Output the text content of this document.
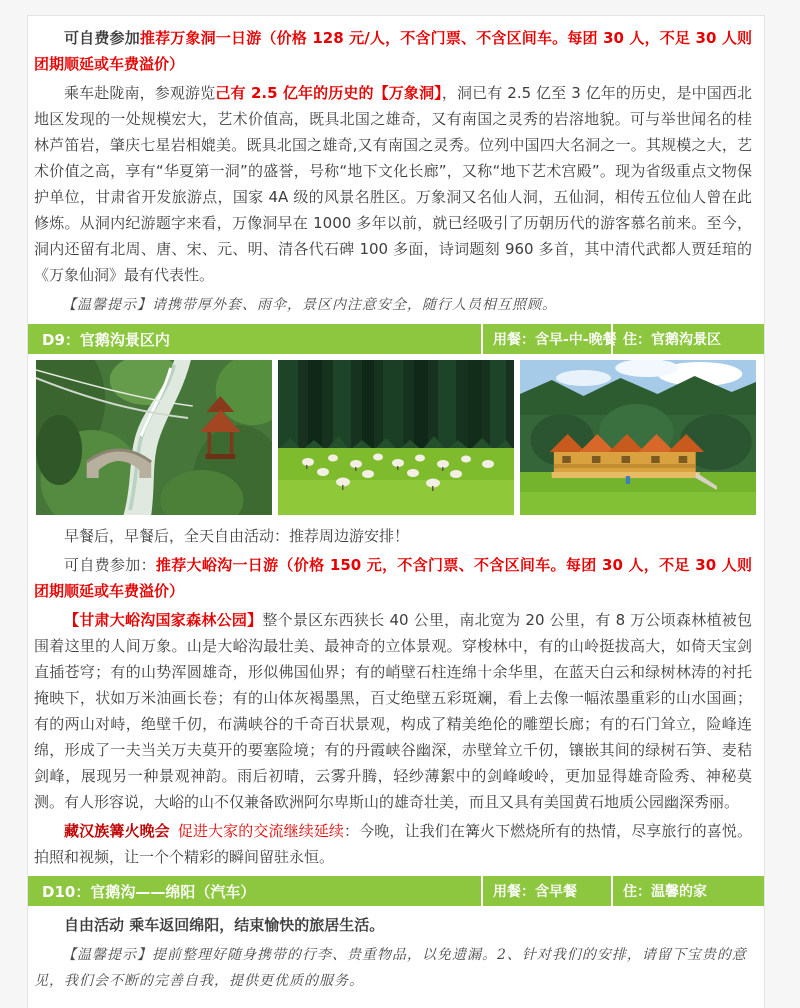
可自费参加推荐万象洞一日游（价格 128 元/人，不含门票、不含区间车。每团 30 人，不足 30 人则团期顺延或车费溢价）

乘车赴陇南，参观游览己有 2.5 亿年的历史的【万象洞】，洞已有 2.5 亿至 3 亿年的历史，是中国西北地区发现的一处规模宏大，艺术价值高，既具北国之雄奇，又有南国之灵秀的岩溶地貌。可与举世闻名的桂林芦笛岩，肇庆七星岩相媲美。既具北国之雄奇,又有南国之灵秀。位列中国四大名洞之一。其规模之大，艺术价值之高，享有“华夏第一洞”的盛誉，号称“地下文化长廊”，又称“地下艺术宫殿”。现为省级重点文物保护单位，甘肃省开发旅游点，国家 4A 级的风景名胜区。万象洞又名仙人洞，五仙洞，相传五位仙人曾在此修炼。从洞内纪游题字来看，万像洞早在 1000 多年以前，就已经吸引了历朝历代的游客慕名前来。至今，洞内还留有北周、唐、宋、元、明、清各代石碑 100 多面，诗词题刻 960 多首，其中清代武都人贾廷琯的《万象仙洞》最有代表性。

【温馨提示】请携带厚外套、雨伞，景区内注意安全，随行人员相互照顾。

D9：官鹅沟景区内	用餐：含早-中-晚餐 住：官鹅沟景区

早餐后，早餐后，全天自由活动：推荐周边游安排！

可自费参加：推荐大峪沟一日游（价格 150 元，不含门票、不含区间车。每团 30 人，不足 30 人则团期顺延或车费溢价）

【甘肃大峪沟国家森林公园】整个景区东西狭长 40 公里，南北宽为 20 公里，有 8 万公顷森林植被包围着这里的人间万象。山是大峪沟最壮美、最神奇的立体景观。穿梭林中，有的山岭挺拔高大，如倚天宝剑直插苍穹；有的山势浑圆雄奇，形似佛国仙界；有的峭壁石柱连绵十余华里，在蓝天白云和绿树林涛的衬托掩映下，状如万米油画长卷；有的山体灰褐墨黑，百丈绝壁五彩斑斓，看上去像一幅浓墨重彩的山水国画；有的两山对峙，绝壁千仞，布满峡谷的千奇百状景观，构成了精美绝伦的雕塑长廊；有的石门耸立，险峰连绵，形成了一夫当关万夫莫开的要塞险境；有的丹霞峡谷幽深，赤壁耸立千仞，镶嵌其间的绿树石笋、麦秸剑峰，展现另一种景观神韵。雨后初晴，云雾升腾，轻纱薄絮中的剑峰峻岭，更加显得雄奇险秀、神秘莫测。有人形容说，大峪的山不仅兼备欧洲阿尔卑斯山的雄奇壮美，而且又具有美国黄石地质公园幽深秀丽。

藏汉族篝火晚会 促进大家的交流继续延续：今晚，让我们在篝火下燃烧所有的热情，尽享旅行的喜悦。拍照和视频，让一个个精彩的瞬间留驻永恒。

D10：官鹅沟——绵阳（汽车）	用餐：含早餐	住：温馨的家

自由活动 乘车返回绵阳，结束愉快的旅居生活。

【温馨提示】提前整理好随身携带的行李、贵重物品，以免遗漏。2、针对我们的安排，请留下宝贵的意见，我们会不断的完善自我，提供更优质的服务。
